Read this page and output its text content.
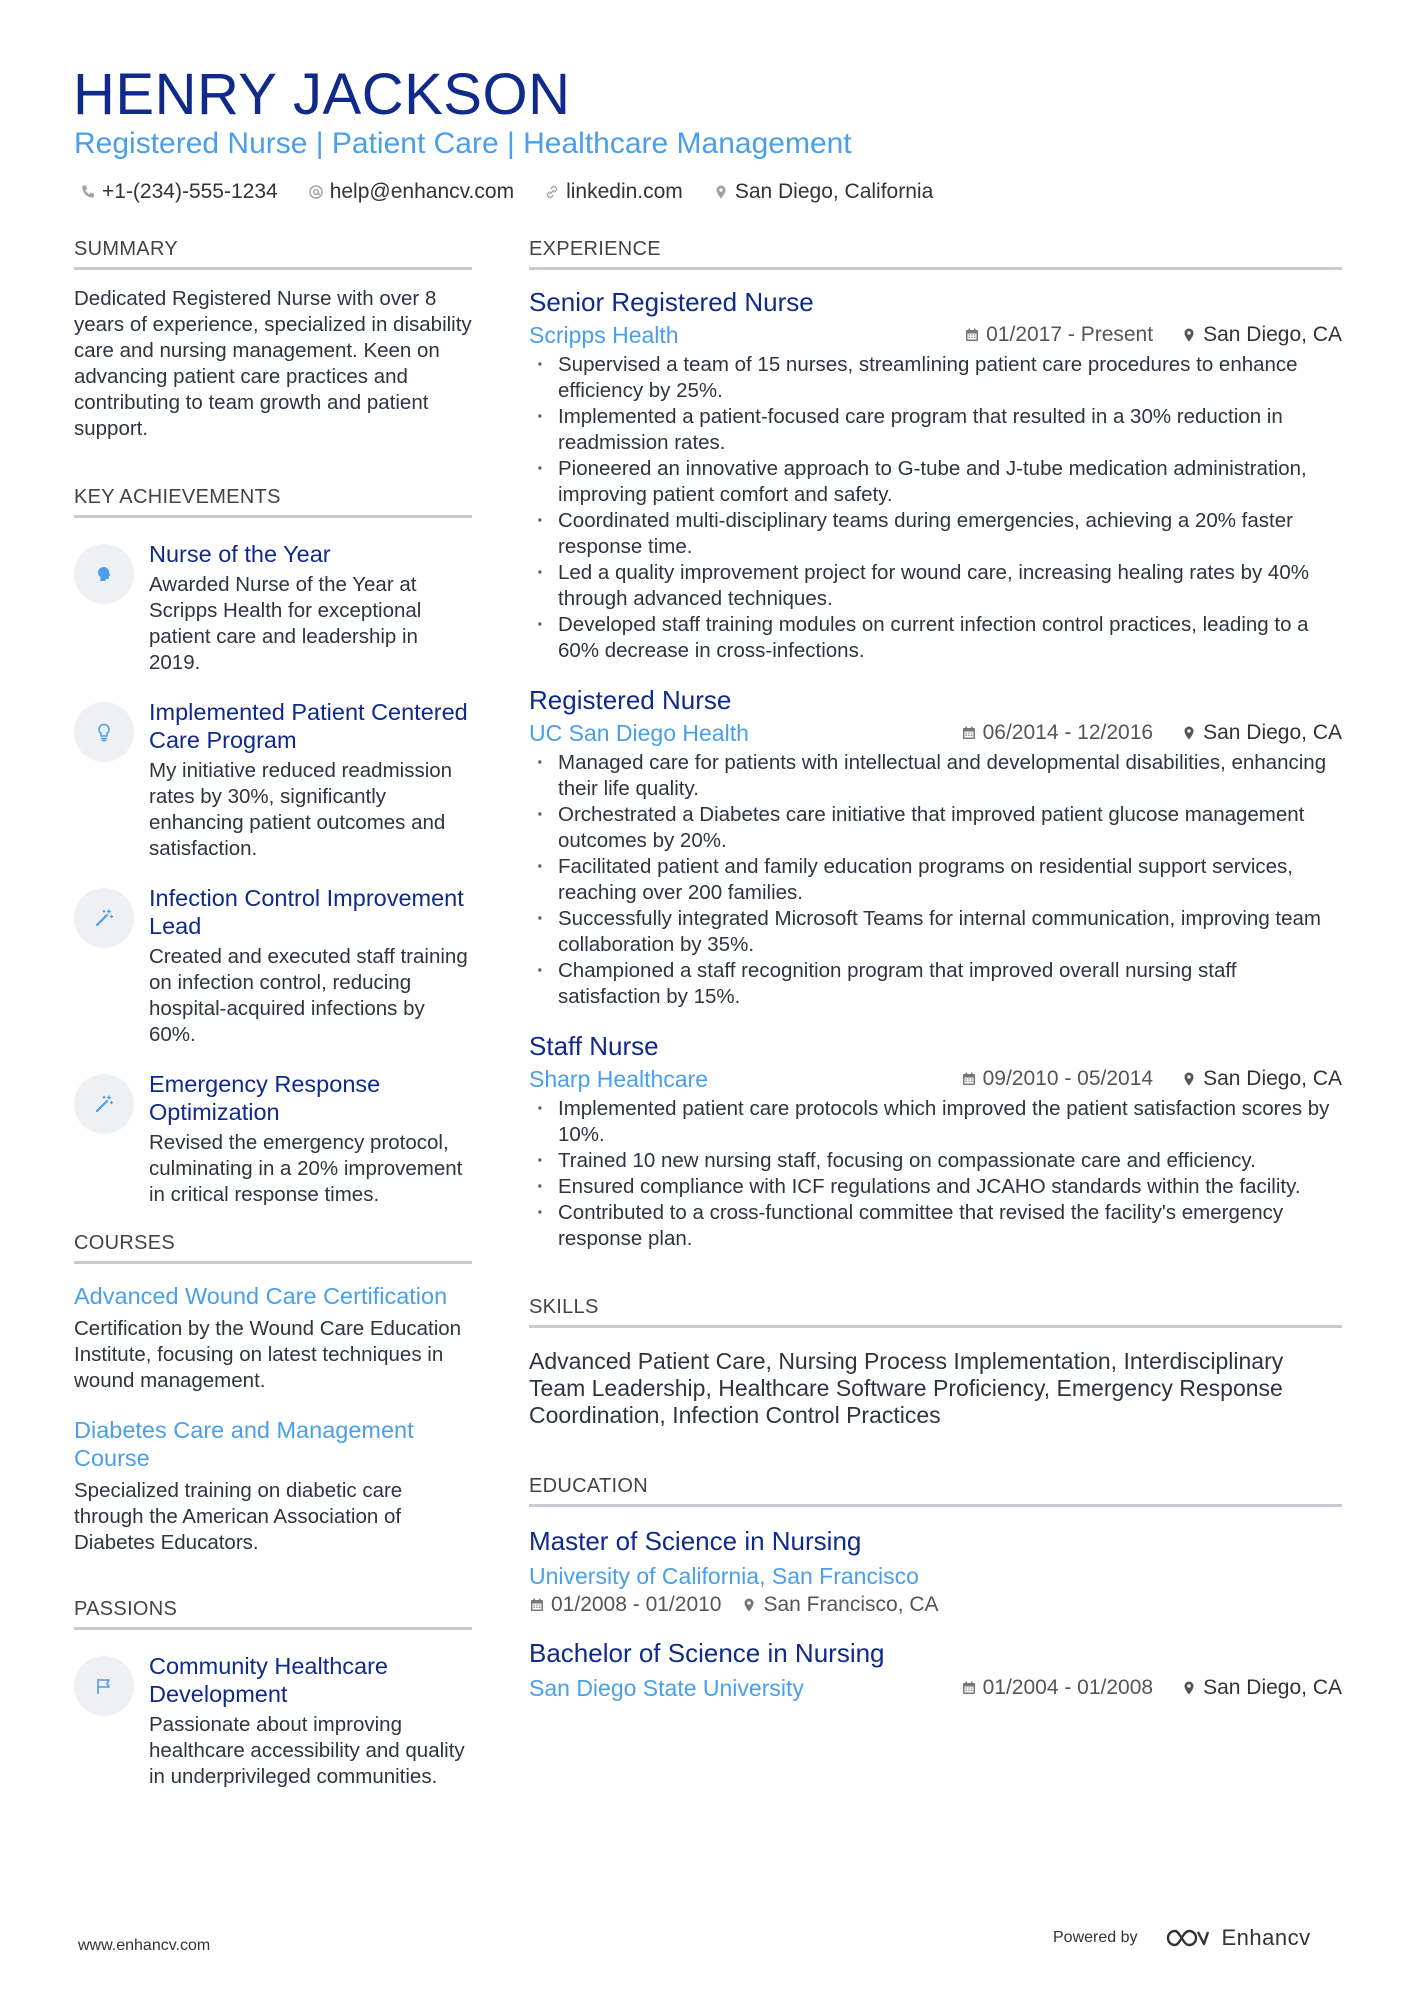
HENRY JACKSON
Registered Nurse | Patient Care | Healthcare Management
+1-(234)-555-1234 help@enhancv.com linkedin.com San Diego, California
SUMMARY
Dedicated Registered Nurse with over 8 years of experience, specialized in disability care and nursing management. Keen on advancing patient care practices and contributing to team growth and patient support.
KEY ACHIEVEMENTS
Nurse of the Year
Awarded Nurse of the Year at Scripps Health for exceptional patient care and leadership in 2019.
Implemented Patient Centered Care Program
My initiative reduced readmission rates by 30%, significantly enhancing patient outcomes and satisfaction.
Infection Control Improvement Lead
Created and executed staff training on infection control, reducing hospital-acquired infections by 60%.
Emergency Response Optimization
Revised the emergency protocol, culminating in a 20% improvement in critical response times.
COURSES
Advanced Wound Care Certification
Certification by the Wound Care Education Institute, focusing on latest techniques in wound management.
Diabetes Care and Management Course
Specialized training on diabetic care through the American Association of Diabetes Educators.
PASSIONS
Community Healthcare Development
Passionate about improving healthcare accessibility and quality in underprivileged communities.
EXPERIENCE
Senior Registered Nurse
Scripps Health	01/2017 - Present San Diego, CA
· Supervised a team of 15 nurses, streamlining patient care procedures to enhance efficiency by 25%.
· Implemented a patient-focused care program that resulted in a 30% reduction in readmission rates.
· Pioneered an innovative approach to G-tube and J-tube medication administration, improving patient comfort and safety.
· Coordinated multi-disciplinary teams during emergencies, achieving a 20% faster response time.
· Led a quality improvement project for wound care, increasing healing rates by 40% through advanced techniques.
· Developed staff training modules on current infection control practices, leading to a 60% decrease in cross-infections.
Registered Nurse
UC San Diego Health	06/2014 - 12/2016 San Diego, CA
· Managed care for patients with intellectual and developmental disabilities, enhancing their life quality.
· Orchestrated a Diabetes care initiative that improved patient glucose management outcomes by 20%.
· Facilitated patient and family education programs on residential support services, reaching over 200 families.
· Successfully integrated Microsoft Teams for internal communication, improving team collaboration by 35%.
· Championed a staff recognition program that improved overall nursing staff satisfaction by 15%.
Staff Nurse
Sharp Healthcare	09/2010 - 05/2014 San Diego, CA
· Implemented patient care protocols which improved the patient satisfaction scores by 10%.
· Trained 10 new nursing staff, focusing on compassionate care and efficiency.
· Ensured compliance with ICF regulations and JCAHO standards within the facility.
· Contributed to a cross-functional committee that revised the facility's emergency response plan.
SKILLS
Advanced Patient Care, Nursing Process Implementation, Interdisciplinary Team Leadership, Healthcare Software Proficiency, Emergency Response Coordination, Infection Control Practices
EDUCATION
Master of Science in Nursing
University of California, San Francisco
01/2008 - 01/2010 San Francisco, CA
Bachelor of Science in Nursing
San Diego State University	01/2004 - 01/2008 San Diego, CA
www.enhancv.com	Powered by	Enhancv
